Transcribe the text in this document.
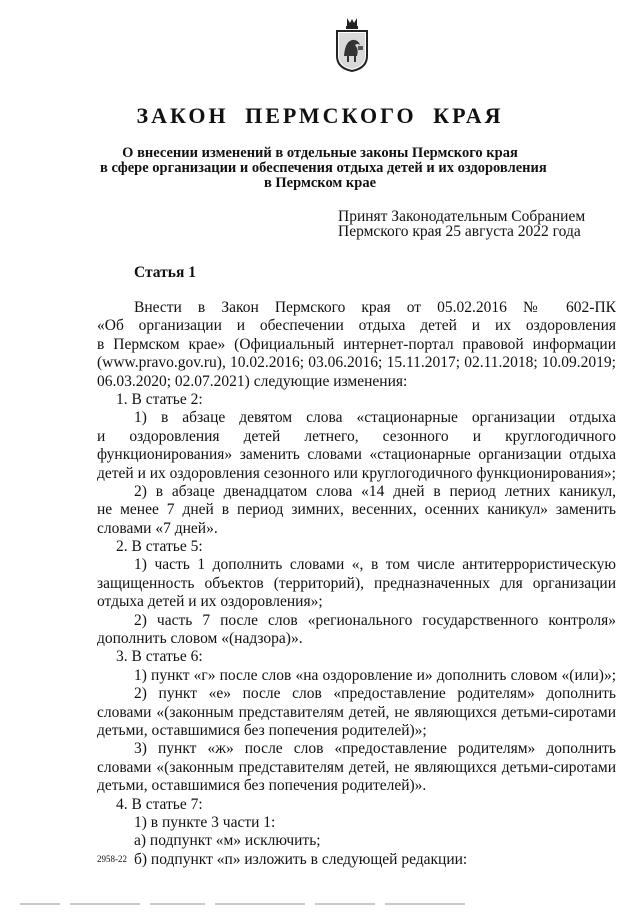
ЗАКОН ПЕРМСКОГО КРАЯ
О внесении изменений в отдельные законы Пермского края
в сфере организации и обеспечения отдыха детей и их оздоровления
в Пермском крае
Принят Законодательным Собранием
Пермского края 25 августа 2022 года
Статья 1
Внести в Закон Пермского края от 05.02.2016 № 602-ПК
«Об организации и обеспечении отдыха детей и их оздоровления
в Пермском крае» (Официальный интернет-портал правовой информации
(www.pravo.gov.ru), 10.02.2016; 03.06.2016; 15.11.2017; 02.11.2018; 10.09.2019;
06.03.2020; 02.07.2021) следующие изменения:
1. В статье 2:
1) в абзаце девятом слова «стационарные организации отдыха
и оздоровления детей летнего, сезонного и круглогодичного
функционирования» заменить словами «стационарные организации отдыха
детей и их оздоровления сезонного или круглогодичного функционирования»;
2) в абзаце двенадцатом слова «14 дней в период летних каникул,
не менее 7 дней в период зимних, весенних, осенних каникул» заменить
словами «7 дней».
2. В статье 5:
1) часть 1 дополнить словами «, в том числе антитеррористическую
защищенность объектов (территорий), предназначенных для организации
отдыха детей и их оздоровления»;
2) часть 7 после слов «регионального государственного контроля»
дополнить словом «(надзора)».
3. В статье 6:
1) пункт «г» после слов «на оздоровление и» дополнить словом «(или)»;
2) пункт «е» после слов «предоставление родителям» дополнить
словами «(законным представителям детей, не являющихся детьми-сиротами
детьми, оставшимися без попечения родителей)»;
3) пункт «ж» после слов «предоставление родителям» дополнить
словами «(законным представителям детей, не являющихся детьми-сиротами
детьми, оставшимися без попечения родителей)».
4. В статье 7:
1) в пункте 3 части 1:
а) подпункт «м» исключить;
б) подпункт «п» изложить в следующей редакции:
2958-22
